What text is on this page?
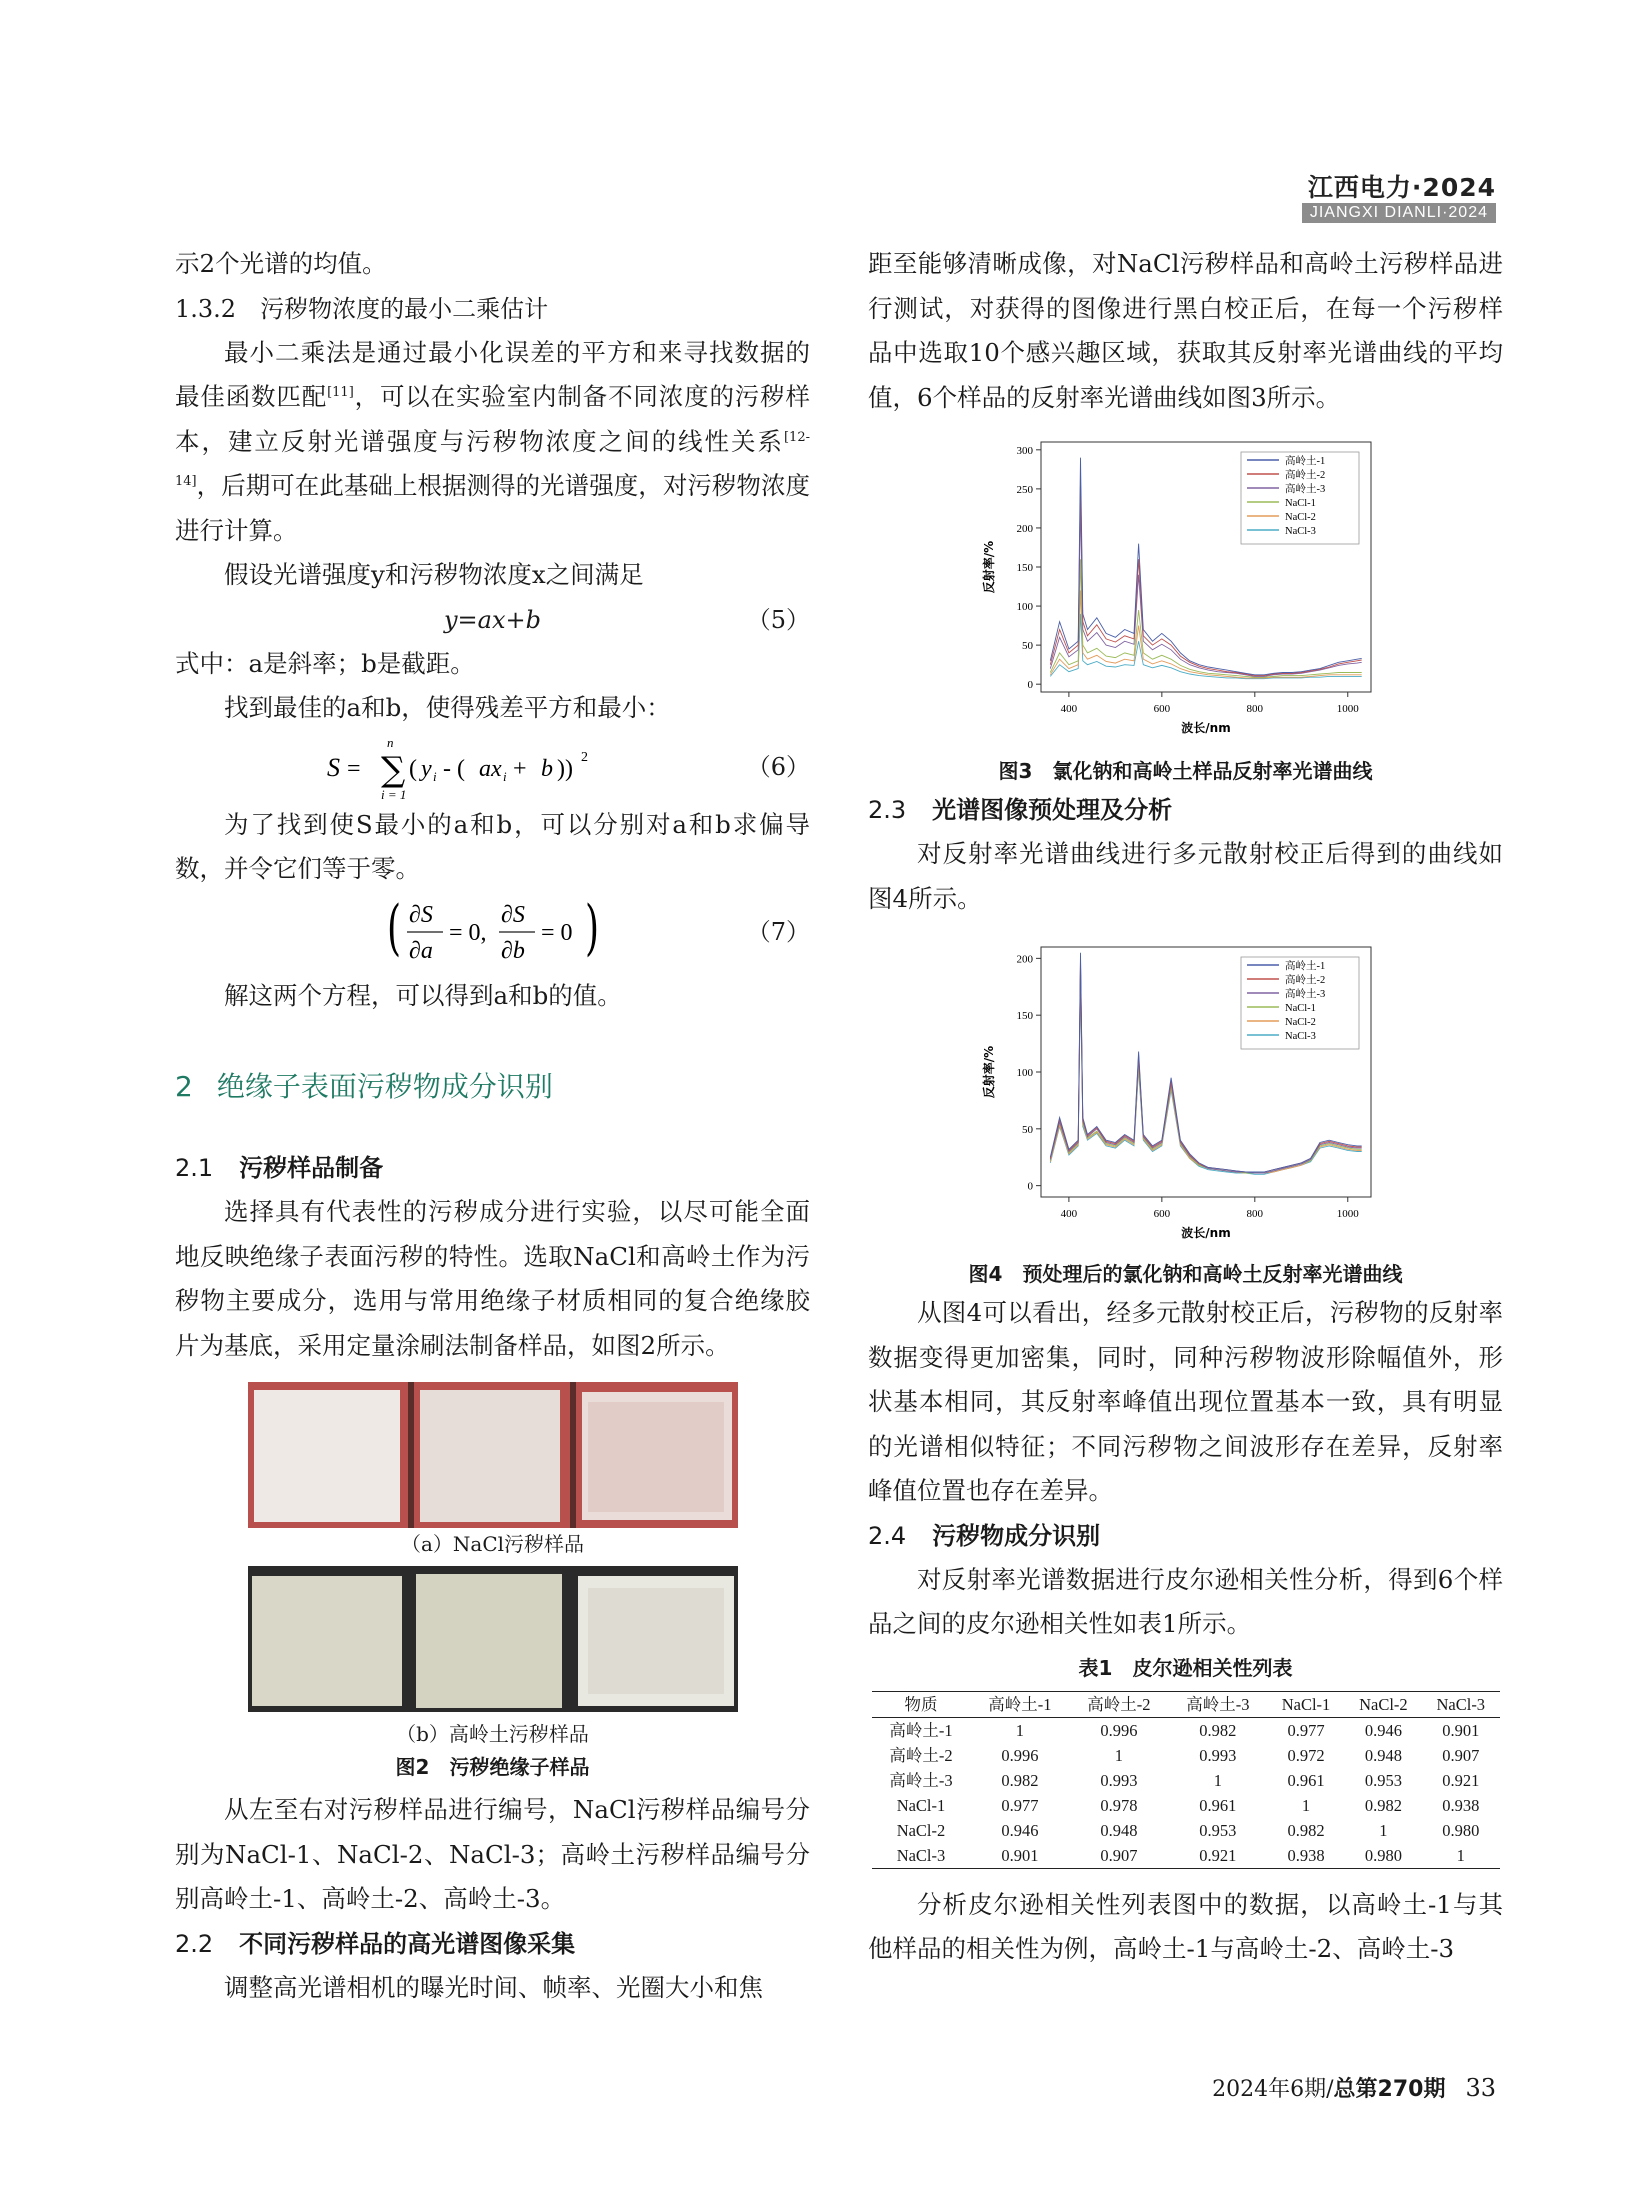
江西电力·2024
JIANGXI DIANLI·2024

示2个光谱的均值。

1.3.2　污秽物浓度的最小二乘估计

最小二乘法是通过最小化误差的平方和来寻找数据的最佳函数匹配[11]，可以在实验室内制备不同浓度的污秽样本，建立反射光谱强度与污秽物浓度之间的线性关系[12-14]，后期可在此基础上根据测得的光谱强度，对污秽物浓度进行计算。

假设光谱强度y和污秽物浓度x之间满足

y=ax+b	（5）

式中：a是斜率；b是截距。

找到最佳的a和b，使得残差平方和最小：

S = ∑
n
i = 1
( y i - ( ax i + b )) 2	（6）

为了找到使S最小的a和b，可以分别对a和b求偏导数，并令它们等于零。

( ∂S
∂a
= 0,
∂S
∂b
= 0 )	（7）

解这两个方程，可以得到a和b的值。

2 绝缘子表面污秽物成分识别
2.1 污秽样品制备

选择具有代表性的污秽成分进行实验，以尽可能全面地反映绝缘子表面污秽的特性。选取NaCl和高岭土作为污秽物主要成分，选用与常用绝缘子材质相同的复合绝缘胶片为基底，采用定量涂刷法制备样品，如图2所示。

（a）NaCl污秽样品
（b）高岭土污秽样品
图2　污秽绝缘子样品

从左至右对污秽样品进行编号，NaCl污秽样品编号分别为NaCl-1、NaCl-2、NaCl-3；高岭土污秽样品编号分别高岭土-1、高岭土-2、高岭土-3。

2.2 不同污秽样品的高光谱图像采集

调整高光谱相机的曝光时间、帧率、光圈大小和焦

距至能够清晰成像，对NaCl污秽样品和高岭土污秽样品进行测试，对获得的图像进行黑白校正后，在每一个污秽样品中选取10个感兴趣区域，获取其反射率光谱曲线的平均值，6个样品的反射率光谱曲线如图3所示。

400	600	800	1000
0
50
100
150
200
250
300
波长/nm
反射率/%
高岭土-1
高岭土-2
高岭土-3
NaCl-1
NaCl-2
NaCl-3
图3　氯化钠和高岭土样品反射率光谱曲线
2.3 光谱图像预处理及分析

对反射率光谱曲线进行多元散射校正后得到的曲线如图4所示。

400	600	800	1000
0
50
100
150
200
波长/nm
反射率/%
高岭土-1
高岭土-2
高岭土-3
NaCl-1
NaCl-2
NaCl-3
图4　预处理后的氯化钠和高岭土反射率光谱曲线

从图4可以看出，经多元散射校正后，污秽物的反射率数据变得更加密集，同时，同种污秽物波形除幅值外，形状基本相同，其反射率峰值出现位置基本一致，具有明显的光谱相似特征；不同污秽物之间波形存在差异，反射率峰值位置也存在差异。

2.4 污秽物成分识别

对反射率光谱数据进行皮尔逊相关性分析，得到6个样品之间的皮尔逊相关性如表1所示。

表1　皮尔逊相关性列表
物质	高岭土-1	高岭土-2	高岭土-3	NaCl-1	NaCl-2	NaCl-3
高岭土-1	1	0.996	0.982	0.977	0.946	0.901
高岭土-2	0.996	1	0.993	0.972	0.948	0.907
高岭土-3	0.982	0.993	1	0.961	0.953	0.921
NaCl-1	0.977	0.978	0.961	1	0.982	0.938
NaCl-2	0.946	0.948	0.953	0.982	1	0.980
NaCl-3	0.901	0.907	0.921	0.938	0.980	1

分析皮尔逊相关性列表图中的数据，以高岭土-1与其他样品的相关性为例，高岭土-1与高岭土-2、高岭土-3

2024年6期/总第270期 33
